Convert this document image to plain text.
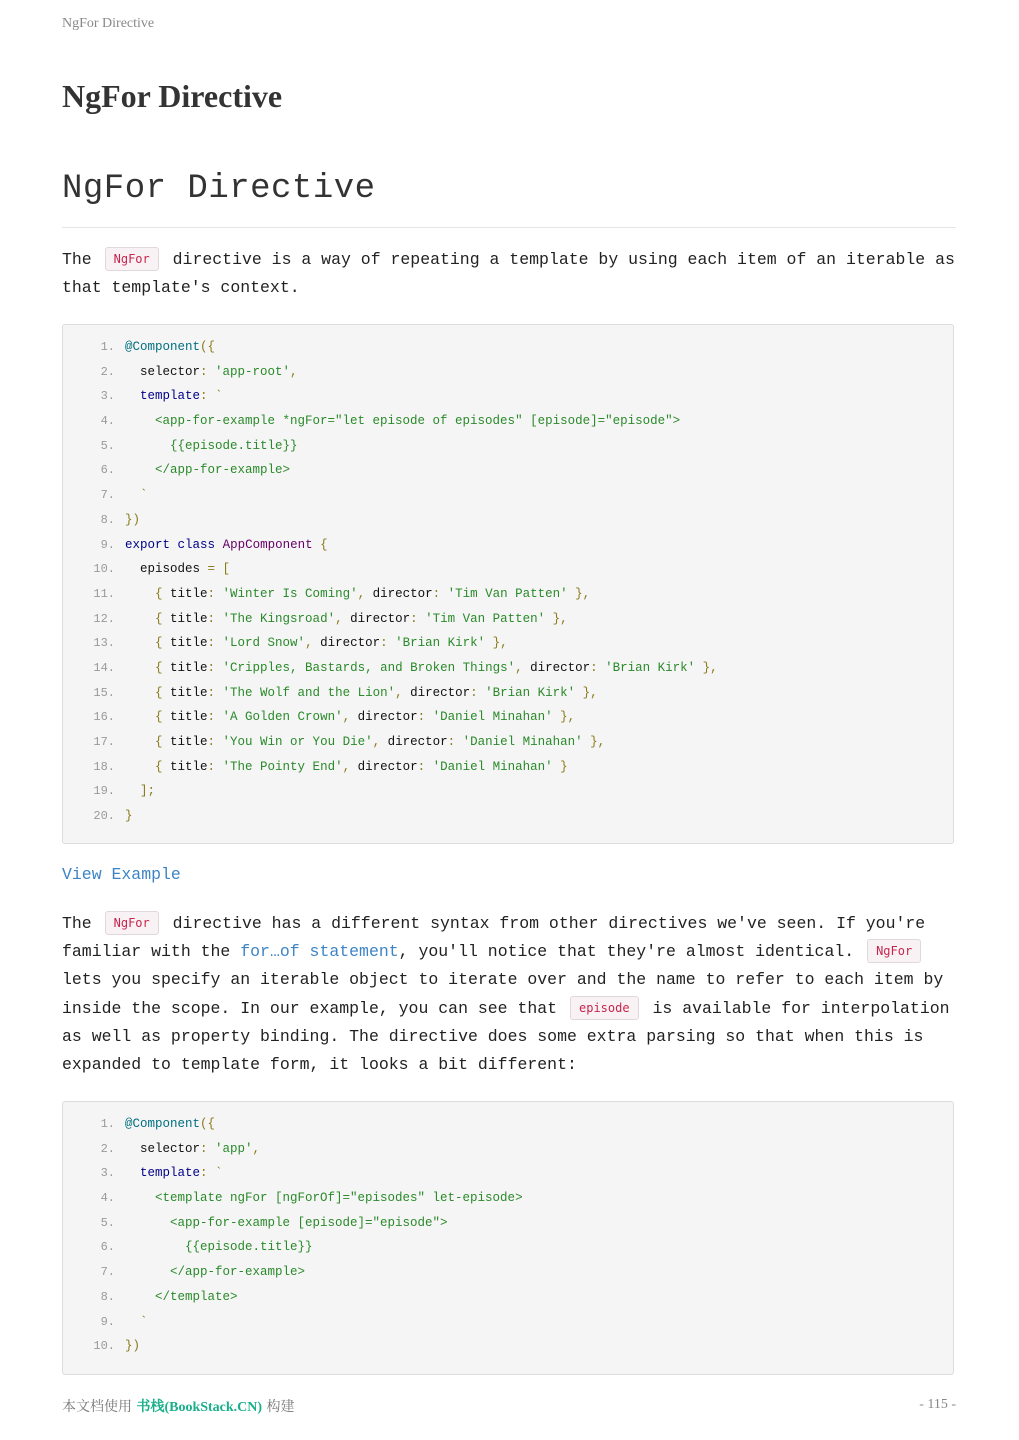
NgFor Directive
NgFor Directive
NgFor Directive

The NgFor directive is a way of repeating a template by using each item of an iterable as that template's context.

1. @Component({
2. selector: 'app-root',
3. template: `
4. <app-for-example *ngFor="let episode of episodes" [episode]="episode">
5. {{episode.title}}
6. </app-for-example>
7. `
8. })
9. export class AppComponent {
10. episodes = [
11. { title: 'Winter Is Coming', director: 'Tim Van Patten' },
12. { title: 'The Kingsroad', director: 'Tim Van Patten' },
13. { title: 'Lord Snow', director: 'Brian Kirk' },
14. { title: 'Cripples, Bastards, and Broken Things', director: 'Brian Kirk' },
15. { title: 'The Wolf and the Lion', director: 'Brian Kirk' },
16. { title: 'A Golden Crown', director: 'Daniel Minahan' },
17. { title: 'You Win or You Die', director: 'Daniel Minahan' },
18. { title: 'The Pointy End', director: 'Daniel Minahan' }
19. ];
20. }
View Example

The NgFor directive has a different syntax from other directives we've seen. If you're familiar with the for…of statement, you'll notice that they're almost identical. NgFor lets you specify an iterable object to iterate over and the name to refer to each item by inside the scope. In our example, you can see that episode is available for interpolation as well as property binding. The directive does some extra parsing so that when this is expanded to template form, it looks a bit different:

1. @Component({
2. selector: 'app',
3. template: `
4. <template ngFor [ngForOf]="episodes" let-episode>
5. <app-for-example [episode]="episode">
6. {{episode.title}}
7. </app-for-example>
8. </template>
9. `
10. })
本文档使用 书栈(BookStack.CN) 构建	- 115 -
